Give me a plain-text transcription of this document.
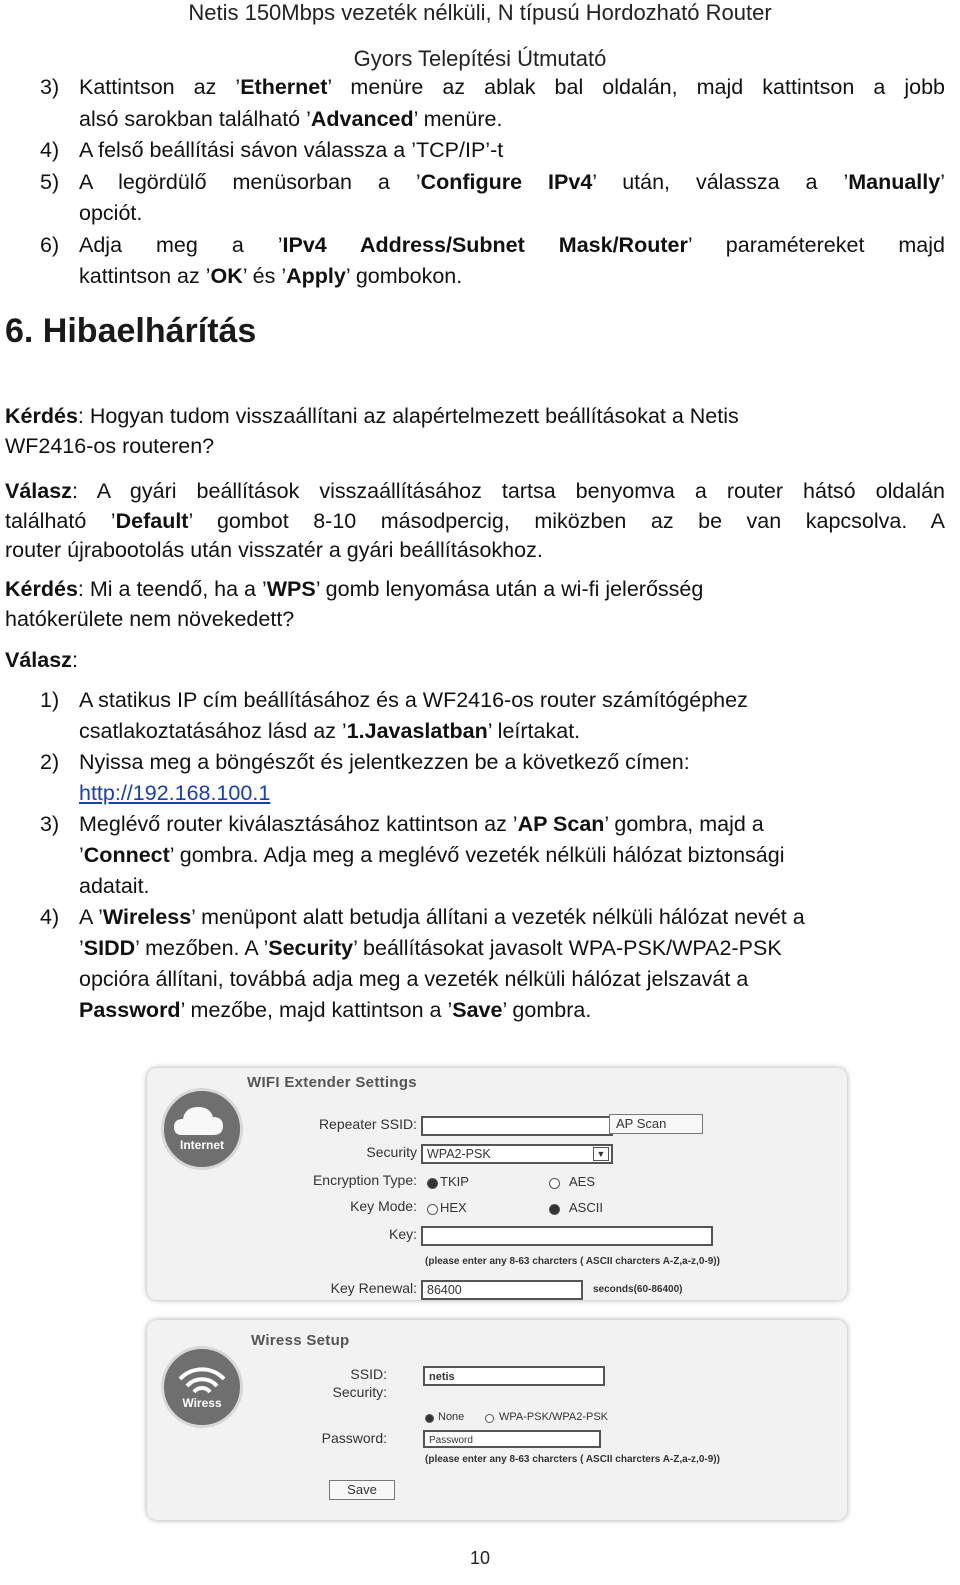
Netis 150Mbps vezeték nélküli, N típusú Hordozható Router
Gyors Telepítési Útmutató
3) Kattintson az ’Ethernet’ menüre az ablak bal oldalán, majd kattintson a jobb
alsó sarokban található ’Advanced’ menüre.
4) A felső beállítási sávon válassza a ’TCP/IP’-t
5) A legördülő menüsorban a ’Configure IPv4’ után, válassza a ’Manually’
opciót.
6) Adja meg a ’IPv4 Address/Subnet Mask/Router’ paramétereket majd
kattintson az ’OK’ és ’Apply’ gombokon.
6. Hibaelhárítás
Kérdés: Hogyan tudom visszaállítani az alapértelmezett beállításokat a Netis
WF2416-os routeren?
Válasz: A gyári beállítások visszaállításához tartsa benyomva a router hátsó oldalán
található ’Default’ gombot 8-10 másodpercig, miközben az be van kapcsolva. A
router újrabootolás után visszatér a gyári beállításokhoz.
Kérdés: Mi a teendő, ha a ’WPS’ gomb lenyomása után a wi-fi jelerősség
hatókerülete nem növekedett?
Válasz:
1) A statikus IP cím beállításához és a WF2416-os router számítógéphez
csatlakoztatásához lásd az ’1.Javaslatban’ leírtakat.
2) Nyissa meg a böngészőt és jelentkezzen be a következő címen:
http://192.168.100.1
3) Meglévő router kiválasztásához kattintson az ’AP Scan’ gombra, majd a
’Connect’ gombra. Adja meg a meglévő vezeték nélküli hálózat biztonsági
adatait.
4) A ’Wireless’ menüpont alatt betudja állítani a vezeték nélküli hálózat nevét a
’SIDD’ mezőben. A ’Security’ beállításokat javasolt WPA-PSK/WPA2-PSK
opcióra állítani, továbbá adja meg a vezeték nélküli hálózat jelszavát a
Password’ mezőbe, majd kattintson a ’Save’ gombra.
WIFI Extender Settings
Internet
Repeater SSID:	AP Scan
Security WPA2-PSK	▼
Encryption Type: TKIP	AES
Key Mode: HEX	ASCII
Key:
(please enter any 8-63 charcters ( ASCII charcters A-Z,a-z,0-9))
Key Renewal: 86400	seconds(60-86400)
Wiress Setup
Wiress
SSID:	netis
Security:
None	WPA-PSK/WPA2-PSK
Password:	Password
(please enter any 8-63 charcters ( ASCII charcters A-Z,a-z,0-9))
Save
10
